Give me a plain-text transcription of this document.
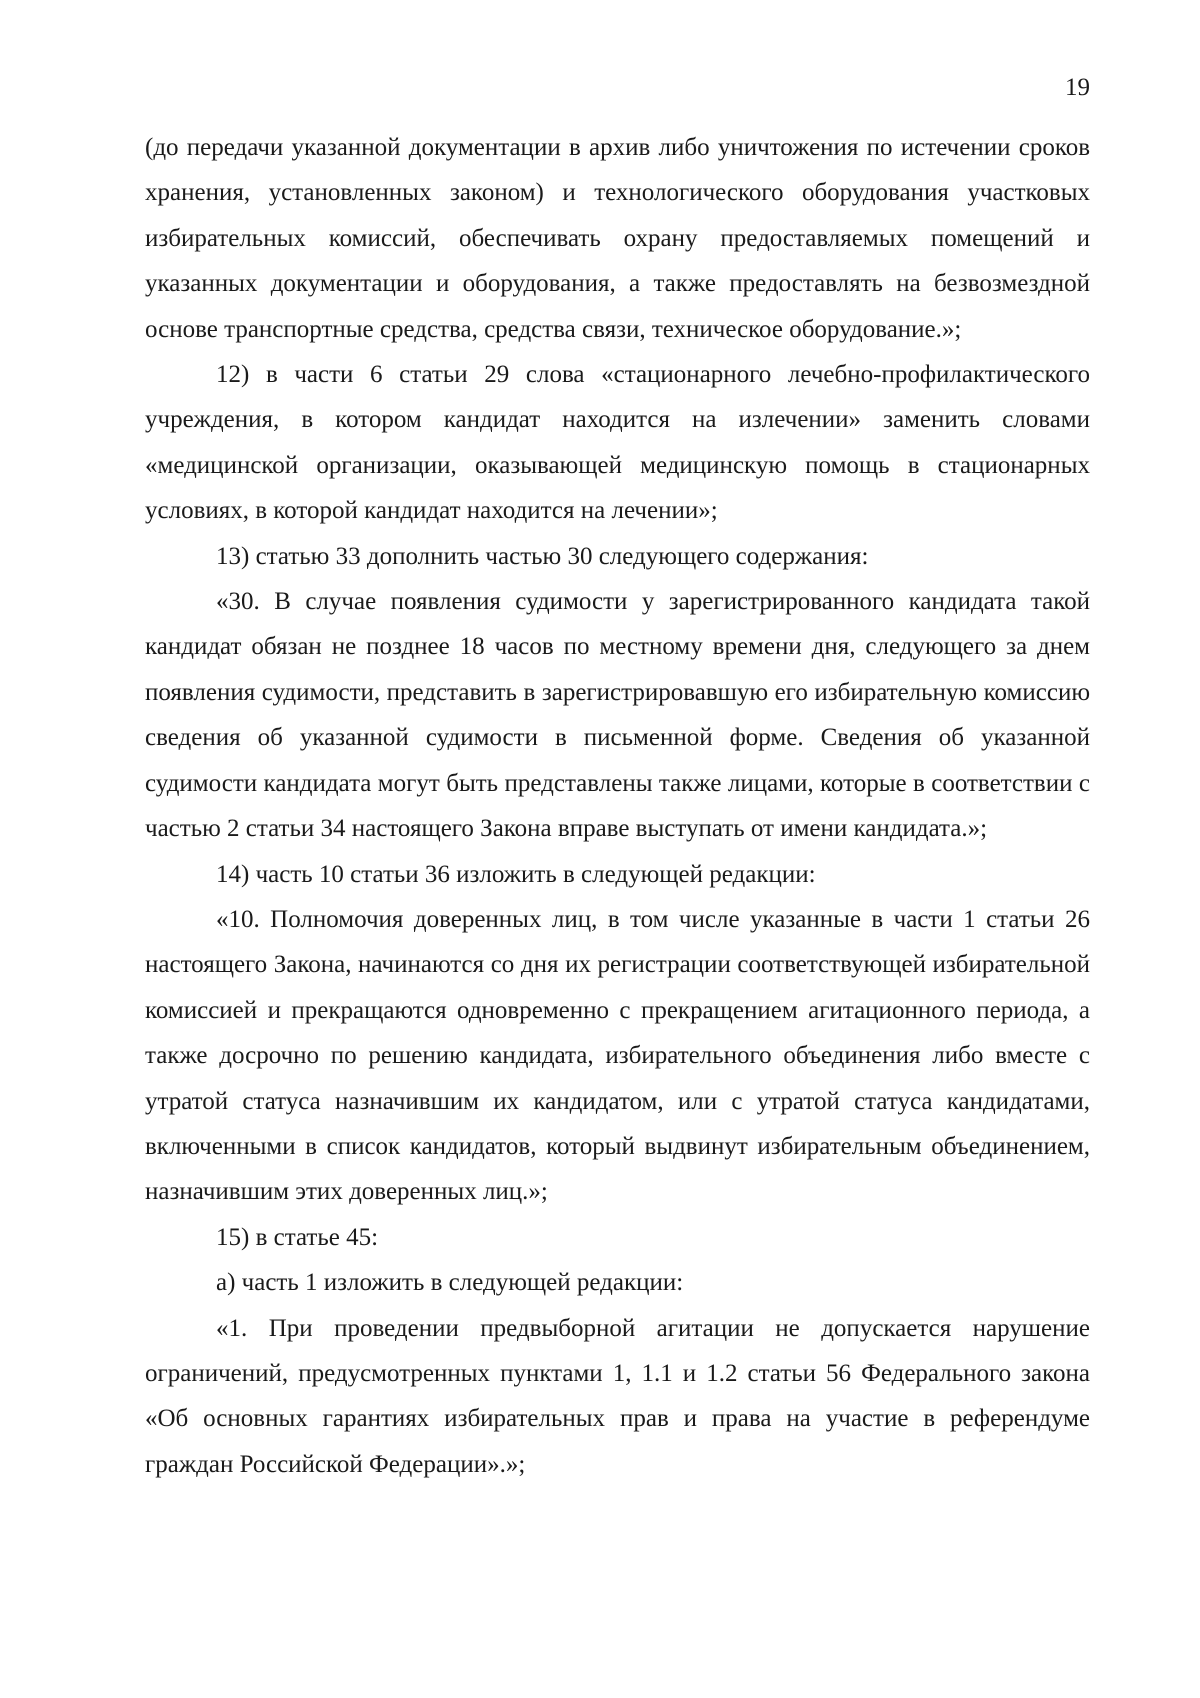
19

(до передачи указанной документации в архив либо уничтожения по истечении сроков хранения, установленных законом) и технологического оборудования участковых избирательных комиссий, обеспечивать охрану предоставляемых помещений и указанных документации и оборудования, а также предоставлять на безвозмездной основе транспортные средства, средства связи, техническое оборудование.»;

12) в части 6 статьи 29 слова «стационарного лечебно-профилактического учреждения, в котором кандидат находится на излечении» заменить словами «медицинской организации, оказывающей медицинскую помощь в стационарных условиях, в которой кандидат находится на лечении»;

13) статью 33 дополнить частью 30 следующего содержания:

«30. В случае появления судимости у зарегистрированного кандидата такой кандидат обязан не позднее 18 часов по местному времени дня, следующего за днем появления судимости, представить в зарегистрировавшую его избирательную комиссию сведения об указанной судимости в письменной форме. Сведения об указанной судимости кандидата могут быть представлены также лицами, которые в соответствии с частью 2 статьи 34 настоящего Закона вправе выступать от имени кандидата.»;

14) часть 10 статьи 36 изложить в следующей редакции:

«10. Полномочия доверенных лиц, в том числе указанные в части 1 статьи 26 настоящего Закона, начинаются со дня их регистрации соответствующей избирательной комиссией и прекращаются одновременно с прекращением агитационного периода, а также досрочно по решению кандидата, избирательного объединения либо вместе с утратой статуса назначившим их кандидатом, или с утратой статуса кандидатами, включенными в список кандидатов, который выдвинут избирательным объединением, назначившим этих доверенных лиц.»;

15) в статье 45:

а) часть 1 изложить в следующей редакции:

«1. При проведении предвыборной агитации не допускается нарушение ограничений, предусмотренных пунктами 1, 1.1 и 1.2 статьи 56 Федерального закона «Об основных гарантиях избирательных прав и права на участие в референдуме граждан Российской Федерации».»;
